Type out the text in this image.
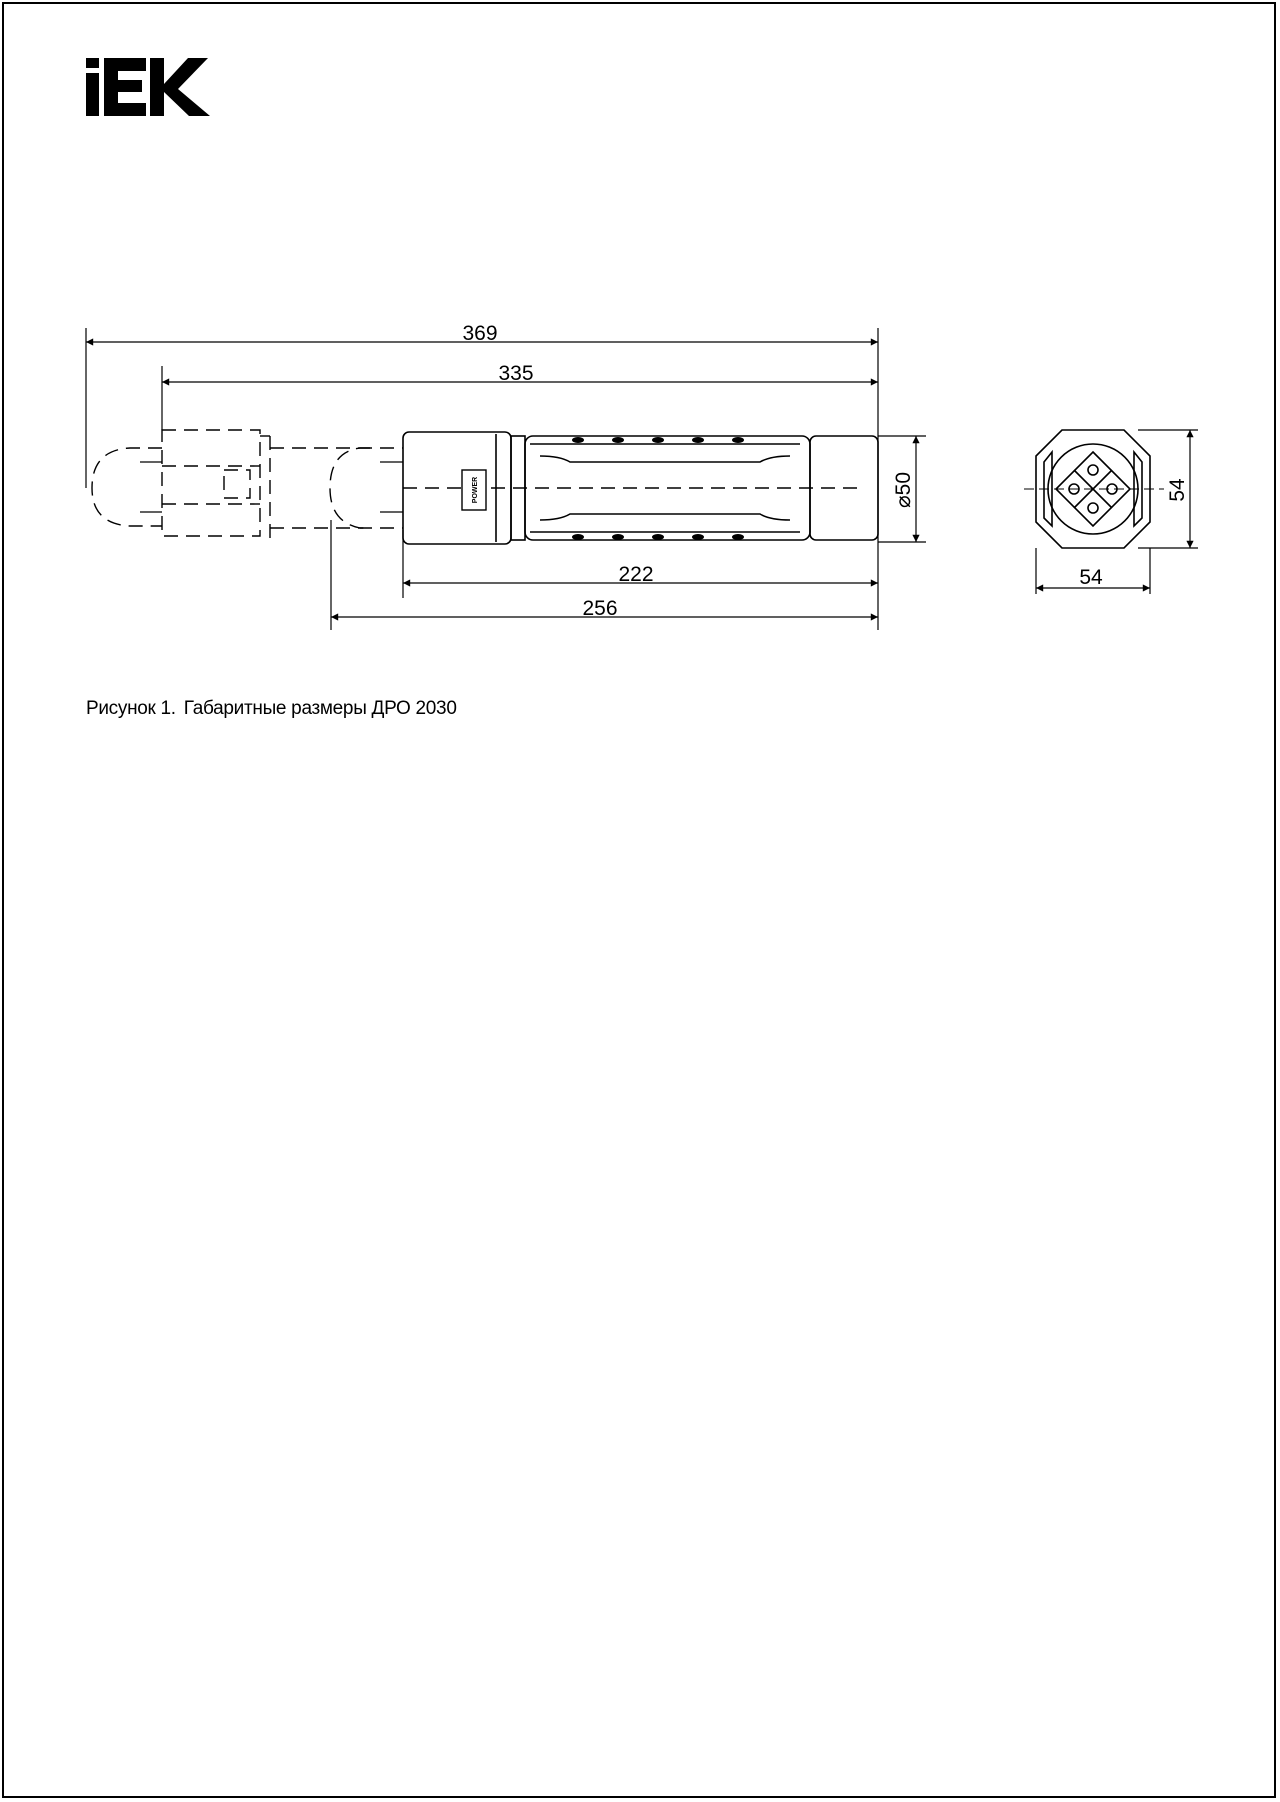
369
335
222
256
⌀50	54
54
POWER
Рисунок 1. Габаритные размеры ДРО 2030
